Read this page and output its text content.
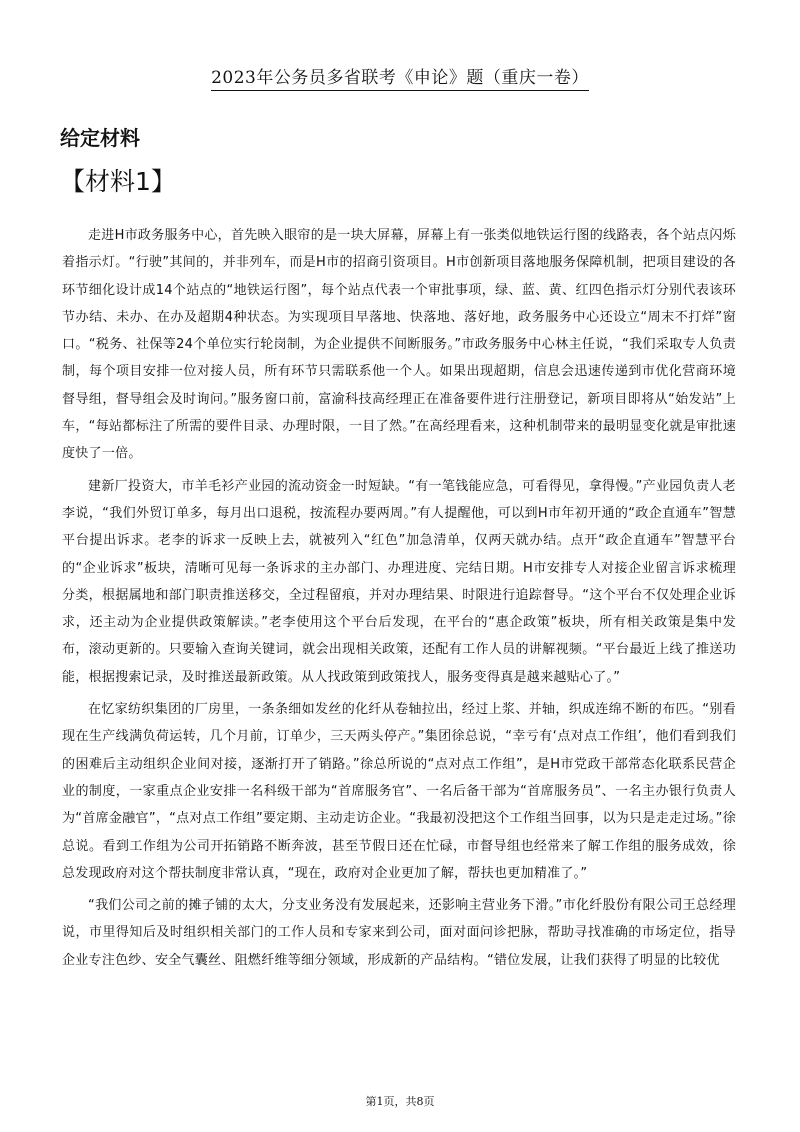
2023年公务员多省联考《申论》题（重庆一卷）
给定材料
【材料1】

走进H市政务服务中心，首先映入眼帘的是一块大屏幕，屏幕上有一张类似地铁运行图的线路表，各个站点闪烁着指示灯。“行驶”其间的，并非列车，而是H市的招商引资项目。H市创新项目落地服务保障机制，把项目建设的各环节细化设计成14个站点的“地铁运行图”，每个站点代表一个审批事项，绿、蓝、黄、红四色指示灯分别代表该环节办结、未办、在办及超期4种状态。为实现项目早落地、快落地、落好地，政务服务中心还设立“周末不打烊”窗口。“税务、社保等24个单位实行轮岗制，为企业提供不间断服务。”市政务服务中心林主任说，“我们采取专人负责制，每个项目安排一位对接人员，所有环节只需联系他一个人。如果出现超期，信息会迅速传递到市优化营商环境督导组，督导组会及时询问。”服务窗口前，富渝科技高经理正在准备要件进行注册登记，新项目即将从“始发站”上车，“每站都标注了所需的要件目录、办理时限，一目了然。”在高经理看来，这种机制带来的最明显变化就是审批速度快了一倍。

建新厂投资大，市羊毛衫产业园的流动资金一时短缺。“有一笔钱能应急，可看得见，拿得慢。”产业园负责人老李说，“我们外贸订单多，每月出口退税，按流程办要两周。”有人提醒他，可以到H市年初开通的“政企直通车”智慧平台提出诉求。老李的诉求一反映上去，就被列入“红色”加急清单，仅两天就办结。点开“政企直通车”智慧平台的“企业诉求”板块，清晰可见每一条诉求的主办部门、办理进度、完结日期。H市安排专人对接企业留言诉求梳理分类，根据属地和部门职责推送移交，全过程留痕，并对办理结果、时限进行追踪督导。“这个平台不仅处理企业诉求，还主动为企业提供政策解读。”老李使用这个平台后发现，在平台的“惠企政策”板块，所有相关政策是集中发布，滚动更新的。只要输入查询关键词，就会出现相关政策，还配有工作人员的讲解视频。“平台最近上线了推送功能，根据搜索记录，及时推送最新政策。从人找政策到政策找人，服务变得真是越来越贴心了。”

在忆家纺织集团的厂房里，一条条细如发丝的化纤从卷轴拉出，经过上浆、并轴，织成连绵不断的布匹。“别看现在生产线满负荷运转，几个月前，订单少，三天两头停产。”集团徐总说，“幸亏有‘点对点工作组’，他们看到我们的困难后主动组织企业间对接，逐渐打开了销路。”徐总所说的“点对点工作组”，是H市党政干部常态化联系民营企业的制度，一家重点企业安排一名科级干部为“首席服务官”、一名后备干部为“首席服务员”、一名主办银行负责人为“首席金融官”，“点对点工作组”要定期、主动走访企业。“我最初没把这个工作组当回事，以为只是走走过场。”徐总说。看到工作组为公司开拓销路不断奔波，甚至节假日还在忙碌，市督导组也经常来了解工作组的服务成效，徐总发现政府对这个帮扶制度非常认真，“现在，政府对企业更加了解，帮扶也更加精准了。”

“我们公司之前的摊子铺的太大，分支业务没有发展起来，还影响主营业务下滑。”市化纤股份有限公司王总经理说，市里得知后及时组织相关部门的工作人员和专家来到公司，面对面问诊把脉，帮助寻找准确的市场定位，指导企业专注色纱、安全气囊丝、阻燃纤维等细分领域，形成新的产品结构。“错位发展，让我们获得了明显的比较优

第1页，共8页
